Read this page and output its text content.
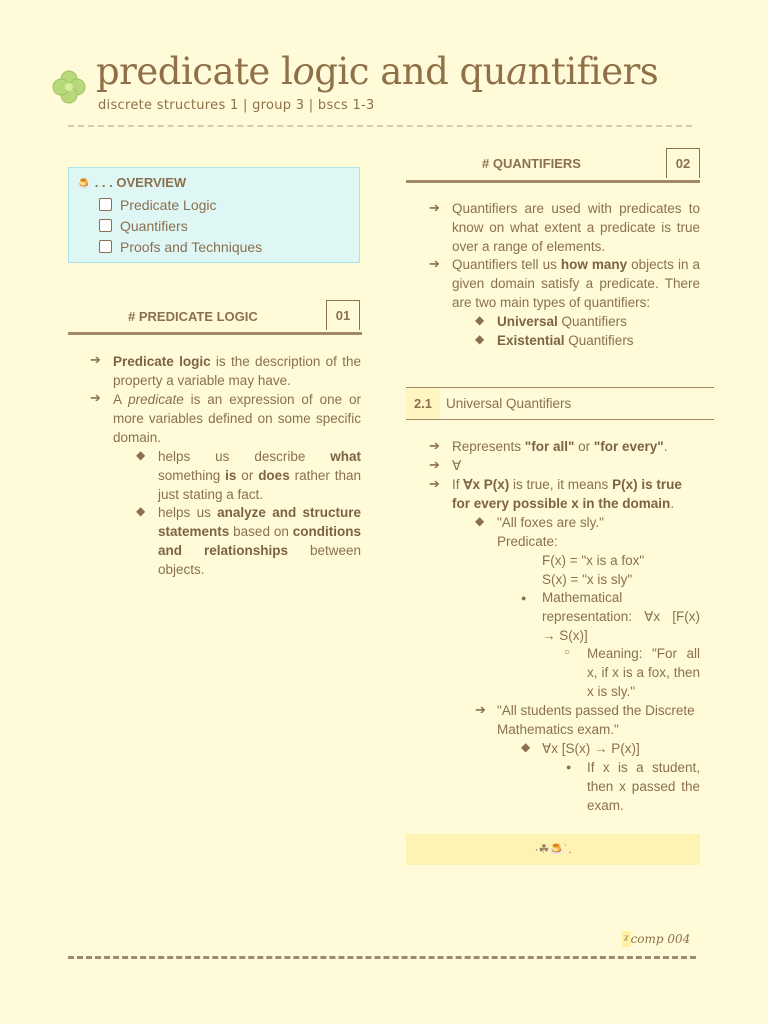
predicate logic and quantifiers
discrete structures 1 | group 3 | bscs 1-3
🍮 . . . OVERVIEW
Predicate Logic
Quantifiers
Proofs and Techniques
# PREDICATE LOGIC	01
➔ Predicate logic is the description of the property a variable may have.
➔ A predicate is an expression of one or more variables defined on some specific domain.
◆ helps us describe what something is or does rather than just stating a fact.
◆ helps us analyze and structure statements based on conditions and relationships between objects.
# QUANTIFIERS	02
➔ Quantifiers are used with predicates to know on what extent a predicate is true over a range of elements.
➔ Quantifiers tell us how many objects in a given domain satisfy a predicate. There are two main types of quantifiers:
◆ Universal Quantifiers
◆ Existential Quantifiers
2.1	Universal Quantifiers
➔ Represents "for all" or "for every".
➔ ∀
➔ If ∀x P(x) is true, it means P(x) is true for every possible x in the domain.
◆ "All foxes are sly."
Predicate:
F(x) = "x is a fox"
S(x) = "x is sly"
● Mathematical representation: ∀x [F(x) → S(x)]
○ Meaning: "For all x, if x is a fox, then x is sly."
➔ "All students passed the Discrete Mathematics exam."
◆ ∀x [S(x) → P(x)]
● If x is a student, then x passed the exam.
·☘🍮˙.
ᵡ comp 004
